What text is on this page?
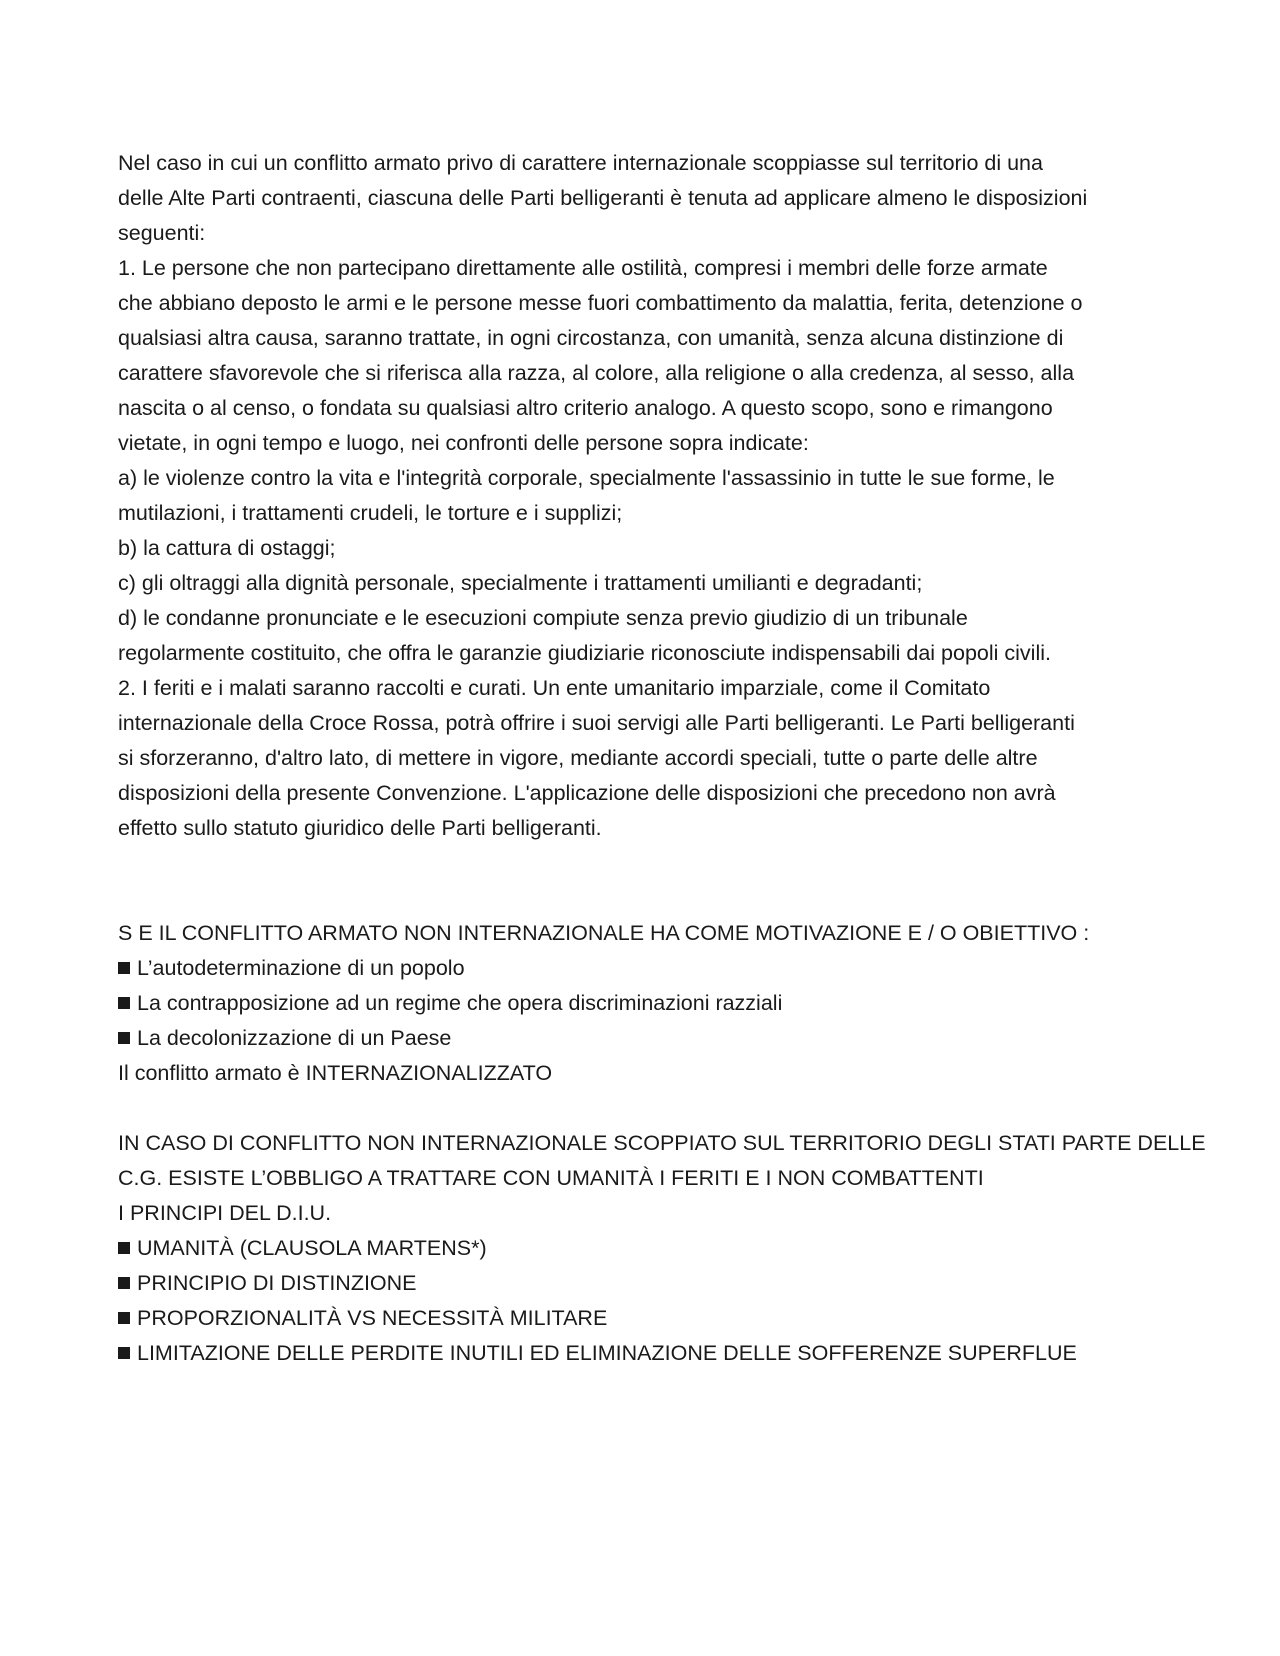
Nel caso in cui un conflitto armato privo di carattere internazionale scoppiasse sul territorio di una
delle Alte Parti contraenti, ciascuna delle Parti belligeranti è tenuta ad applicare almeno le disposizioni
seguenti:
1. Le persone che non partecipano direttamente alle ostilità, compresi i membri delle forze armate
che abbiano deposto le armi e le persone messe fuori combattimento da malattia, ferita, detenzione o
qualsiasi altra causa, saranno trattate, in ogni circostanza, con umanità, senza alcuna distinzione di
carattere sfavorevole che si riferisca alla razza, al colore, alla religione o alla credenza, al sesso, alla
nascita o al censo, o fondata su qualsiasi altro criterio analogo. A questo scopo, sono e rimangono
vietate, in ogni tempo e luogo, nei confronti delle persone sopra indicate:
a) le violenze contro la vita e l'integrità corporale, specialmente l'assassinio in tutte le sue forme, le
mutilazioni, i trattamenti crudeli, le torture e i supplizi;
b) la cattura di ostaggi;
c) gli oltraggi alla dignità personale, specialmente i trattamenti umilianti e degradanti;
d) le condanne pronunciate e le esecuzioni compiute senza previo giudizio di un tribunale
regolarmente costituito, che offra le garanzie giudiziarie riconosciute indispensabili dai popoli civili.
2. I feriti e i malati saranno raccolti e curati. Un ente umanitario imparziale, come il Comitato
internazionale della Croce Rossa, potrà offrire i suoi servigi alle Parti belligeranti. Le Parti belligeranti
si sforzeranno, d'altro lato, di mettere in vigore, mediante accordi speciali, tutte o parte delle altre
disposizioni della presente Convenzione. L'applicazione delle disposizioni che precedono non avrà
effetto sullo statuto giuridico delle Parti belligeranti.
S E IL CONFLITTO ARMATO NON INTERNAZIONALE HA COME MOTIVAZIONE E / O OBIETTIVO :
L’autodeterminazione di un popolo
La contrapposizione ad un regime che opera discriminazioni razziali
La decolonizzazione di un Paese
Il conflitto armato è INTERNAZIONALIZZATO
IN CASO DI CONFLITTO NON INTERNAZIONALE SCOPPIATO SUL TERRITORIO DEGLI STATI PARTE DELLE
C.G. ESISTE L’OBBLIGO A TRATTARE CON UMANITÀ I FERITI E I NON COMBATTENTI
I PRINCIPI DEL D.I.U.
UMANITÀ (CLAUSOLA MARTENS*)
PRINCIPIO DI DISTINZIONE
PROPORZIONALITÀ VS NECESSITÀ MILITARE
LIMITAZIONE DELLE PERDITE INUTILI ED ELIMINAZIONE DELLE SOFFERENZE SUPERFLUE
